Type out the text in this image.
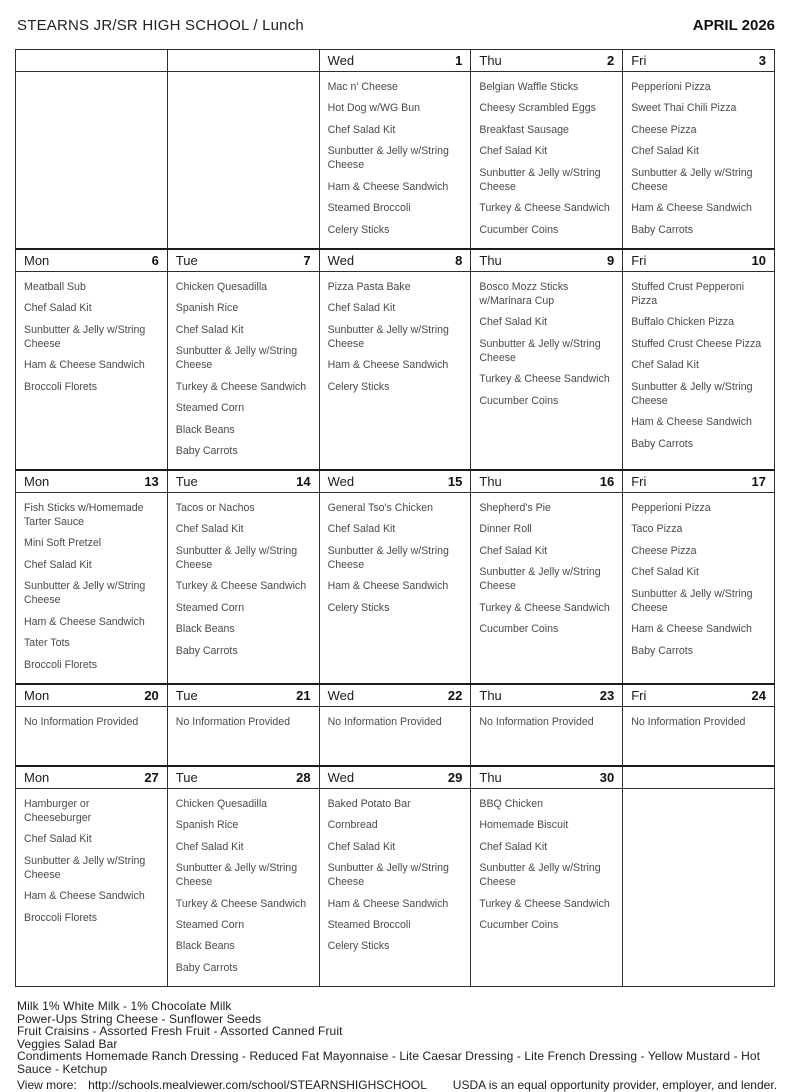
STEARNS JR/SR HIGH SCHOOL / Lunch	APRIL 2026

		Wed 1	Thu 2	Fri 3

Mac n' Cheese
Hot Dog w/WG Bun
Chef Salad Kit
Sunbutter & Jelly w/String Cheese
Ham & Cheese Sandwich
Steamed Broccoli
Celery Sticks

Belgian Waffle Sticks
Cheesy Scrambled Eggs
Breakfast Sausage
Chef Salad Kit
Sunbutter & Jelly w/String Cheese
Turkey & Cheese Sandwich
Cucumber Coins

Pepperioni Pizza
Sweet Thai Chili Pizza
Cheese Pizza
Chef Salad Kit
Sunbutter & Jelly w/String Cheese
Ham & Cheese Sandwich
Baby Carrots

Mon 6	Tue 7	Wed 8	Thu 9	Fri 10

Meatball Sub
Chef Salad Kit
Sunbutter & Jelly w/String Cheese
Ham & Cheese Sandwich
Broccoli Florets

Chicken Quesadilla
Spanish Rice
Chef Salad Kit
Sunbutter & Jelly w/String Cheese
Turkey & Cheese Sandwich
Steamed Corn
Black Beans
Baby Carrots

Pizza Pasta Bake
Chef Salad Kit
Sunbutter & Jelly w/String Cheese
Ham & Cheese Sandwich
Celery Sticks

Bosco Mozz Sticks w/Marinara Cup
Chef Salad Kit
Sunbutter & Jelly w/String Cheese
Turkey & Cheese Sandwich
Cucumber Coins

Stuffed Crust Pepperoni Pizza
Buffalo Chicken Pizza
Stuffed Crust Cheese Pizza
Chef Salad Kit
Sunbutter & Jelly w/String Cheese
Ham & Cheese Sandwich
Baby Carrots

Mon 13	Tue 14	Wed 15	Thu 16	Fri 17

Fish Sticks w/Homemade Tarter Sauce
Mini Soft Pretzel
Chef Salad Kit
Sunbutter & Jelly w/String Cheese
Ham & Cheese Sandwich
Tater Tots
Broccoli Florets

Tacos or Nachos
Chef Salad Kit
Sunbutter & Jelly w/String Cheese
Turkey & Cheese Sandwich
Steamed Corn
Black Beans
Baby Carrots

General Tso's Chicken
Chef Salad Kit
Sunbutter & Jelly w/String Cheese
Ham & Cheese Sandwich
Celery Sticks

Shepherd's Pie
Dinner Roll
Chef Salad Kit
Sunbutter & Jelly w/String Cheese
Turkey & Cheese Sandwich
Cucumber Coins

Pepperioni Pizza
Taco Pizza
Cheese Pizza
Chef Salad Kit
Sunbutter & Jelly w/String Cheese
Ham & Cheese Sandwich
Baby Carrots

Mon 20	Tue 21	Wed 22	Thu 23	Fri 24

No Information Provided	No Information Provided	No Information Provided	No Information Provided	No Information Provided

Mon 27	Tue 28	Wed 29	Thu 30	

Hamburger or Cheeseburger
Chef Salad Kit
Sunbutter & Jelly w/String Cheese
Ham & Cheese Sandwich
Broccoli Florets

Chicken Quesadilla
Spanish Rice
Chef Salad Kit
Sunbutter & Jelly w/String Cheese
Turkey & Cheese Sandwich
Steamed Corn
Black Beans
Baby Carrots

Baked Potato Bar
Cornbread
Chef Salad Kit
Sunbutter & Jelly w/String Cheese
Ham & Cheese Sandwich
Steamed Broccoli
Celery Sticks

BBQ Chicken
Homemade Biscuit
Chef Salad Kit
Sunbutter & Jelly w/String Cheese
Turkey & Cheese Sandwich
Cucumber Coins

Milk 1% White Milk - 1% Chocolate Milk
Power-Ups String Cheese - Sunflower Seeds
Fruit Craisins - Assorted Fresh Fruit - Assorted Canned Fruit
Veggies Salad Bar
Condiments Homemade Ranch Dressing - Reduced Fat Mayonnaise - Lite Caesar Dressing - Lite French Dressing - Yellow Mustard - Hot Sauce - Ketchup
View more: http://schools.mealviewer.com/school/STEARNSHIGHSCHOOL USDA is an equal opportunity provider, employer, and lender.
